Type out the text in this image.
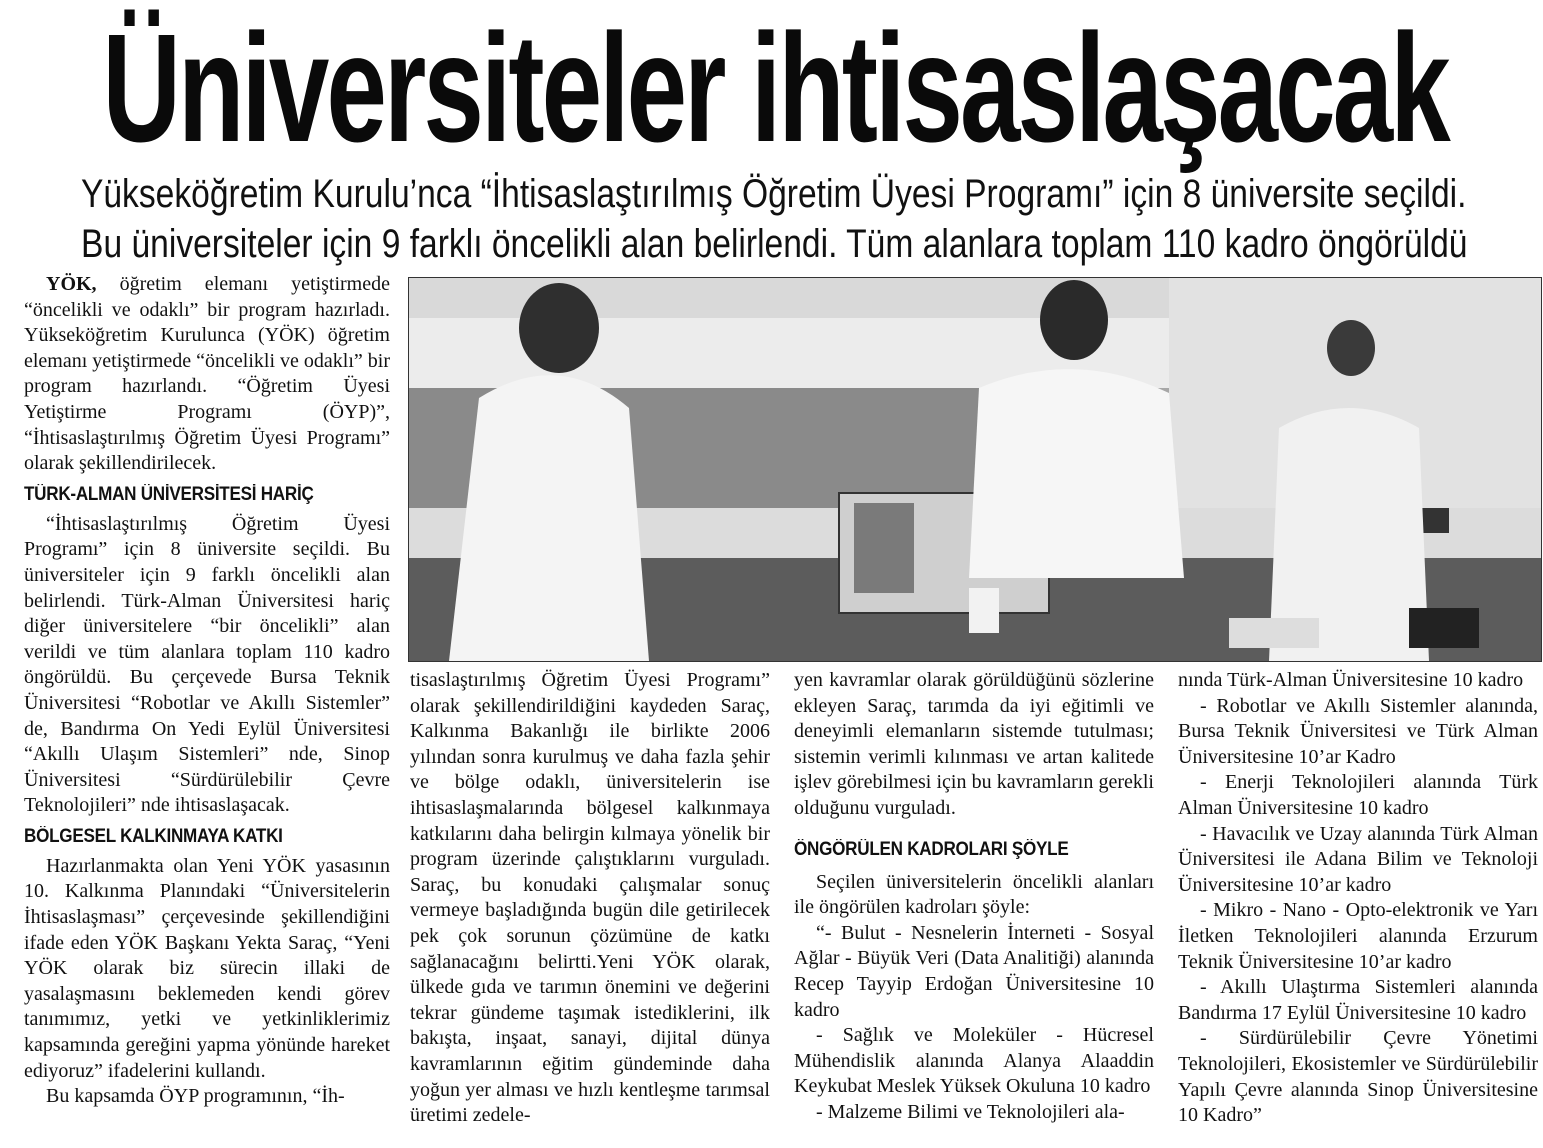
Üniversiteler ihtisaslaşacak
Yükseköğretim Kurulu’nca “İhtisaslaştırılmış Öğretim Üyesi Programı” için 8 üniversite seçildi.
Bu üniversiteler için 9 farklı öncelikli alan belirlendi. Tüm alanlara toplam 110 kadro öngörüldü

YÖK, öğretim elemanı yetiştirmede “öncelikli ve odaklı” bir program hazırladı. Yükseköğretim Kurulunca (YÖK) öğretim elemanı yetiştirmede “öncelikli ve odaklı” bir program hazırlandı. “Öğretim Üyesi Yetiştirme Programı (ÖYP)”, “İhtisaslaştırılmış Öğretim Üyesi Programı” olarak şekillendirilecek.

TÜRK-ALMAN ÜNİVERSİTESİ HARİÇ

“İhtisaslaştırılmış Öğretim Üyesi Programı” için 8 üniversite seçildi. Bu üniversiteler için 9 farklı öncelikli alan belirlendi. Türk-Alman Üniversitesi hariç diğer üniversitelere “bir öncelikli” alan verildi ve tüm alanlara toplam 110 kadro öngörüldü. Bu çerçevede Bursa Teknik Üniversitesi “Robotlar ve Akıllı Sistemler” de, Bandırma On Yedi Eylül Üniversitesi “Akıllı Ulaşım Sistemleri” nde, Sinop Üniversitesi “Sürdürülebilir Çevre Teknolojileri” nde ihtisaslaşacak.

BÖLGESEL KALKINMAYA KATKI

Hazırlanmakta olan Yeni YÖK yasasının 10. Kalkınma Planındaki “Üniversitelerin İhtisaslaşması” çerçevesinde şekillendiğini ifade eden YÖK Başkanı Yekta Saraç, “Yeni YÖK olarak biz sürecin illaki de yasalaşmasını beklemeden kendi görev tanımımız, yetki ve yetkinliklerimiz kapsamında gereğini yapma yönünde hareket ediyoruz” ifadelerini kullandı.

Bu kapsamda ÖYP programının, “İh-

tisaslaştırılmış Öğretim Üyesi Programı” olarak şekillendirildiğini kaydeden Saraç, Kalkınma Bakanlığı ile birlikte 2006 yılından sonra kurulmuş ve daha fazla şehir ve bölge odaklı, üniversitelerin ise ihtisaslaşmalarında bölgesel kalkınmaya katkılarını daha belirgin kılmaya yönelik bir program üzerinde çalıştıklarını vurguladı. Saraç, bu konudaki çalışmalar sonuç vermeye başladığında bugün dile getirilecek pek çok sorunun çözümüne de katkı sağlanacağını belirtti.Yeni YÖK olarak, ülkede gıda ve tarımın önemini ve değerini tekrar gündeme taşımak istediklerini, ilk bakışta, inşaat, sanayi, dijital dünya kavramlarının eğitim gündeminde daha yoğun yer alması ve hızlı kentleşme tarımsal üretimi zedele-

yen kavramlar olarak görüldüğünü sözlerine ekleyen Saraç, tarımda da iyi eğitimli ve deneyimli elemanların sistemde tutulması; sistemin verimli kılınması ve artan kalitede işlev görebilmesi için bu kavramların gerekli olduğunu vurguladı.

ÖNGÖRÜLEN KADROLARI ŞÖYLE

Seçilen üniversitelerin öncelikli alanları ile öngörülen kadroları şöyle:

“- Bulut - Nesnelerin İnterneti - Sosyal Ağlar - Büyük Veri (Data Analitiği) alanında Recep Tayyip Erdoğan Üniversitesine 10 kadro

- Sağlık ve Moleküler - Hücresel Mühendislik alanında Alanya Alaaddin Keykubat Meslek Yüksek Okuluna 10 kadro

- Malzeme Bilimi ve Teknolojileri ala-

nında Türk-Alman Üniversitesine 10 kadro

- Robotlar ve Akıllı Sistemler alanında, Bursa Teknik Üniversitesi ve Türk Alman Üniversitesine 10’ar Kadro

- Enerji Teknolojileri alanında Türk Alman Üniversitesine 10 kadro

- Havacılık ve Uzay alanında Türk Alman Üniversitesi ile Adana Bilim ve Teknoloji Üniversitesine 10’ar kadro

- Mikro - Nano - Opto-elektronik ve Yarı İletken Teknolojileri alanında Erzurum Teknik Üniversitesine 10’ar kadro

- Akıllı Ulaştırma Sistemleri alanında Bandırma 17 Eylül Üniversitesine 10 kadro

- Sürdürülebilir Çevre Yönetimi Teknolojileri, Ekosistemler ve Sürdürülebilir Yapılı Çevre alanında Sinop Üniversitesine 10 Kadro”
